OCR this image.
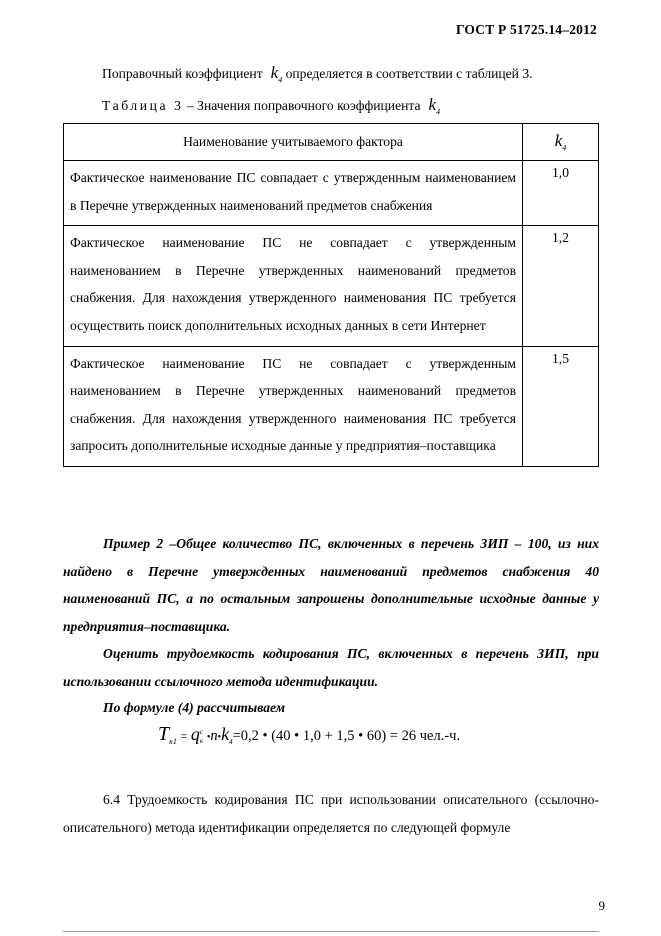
ГОСТ Р 51725.14–2012
Поправочный коэффициент $k_4$ определяется в соответствии с таблицей 3.
Таблица 3 – Значения поправочного коэффициента $k_4$
Наименование учитываемого фактора	$k_4$
Фактическое наименование ПС совпадает с утвержденным наименованием в Перечне утвержденных наименований предметов снабжения	1,0
Фактическое наименование ПС не совпадает с утвержденным наименованием в Перечне утвержденных наименований предметов снабжения. Для нахождения утвержденного наименования ПС требуется осуществить поиск дополнительных исходных данных в сети Интернет	1,2
Фактическое наименование ПС не совпадает с утвержденным наименованием в Перечне утвержденных наименований предметов снабжения. Для нахождения утвержденного наименования ПС требуется запросить дополнительные исходные данные у предприятия–поставщика	1,5
Пример 2 –Общее количество ПС, включенных в перечень ЗИП – 100, из них найдено в Перечне утвержденных наименований предметов снабжения 40 наименований ПС, а по остальным запрошены дополнительные исходные данные у предприятия–поставщика.
Оценить трудоемкость кодирования ПС, включенных в перечень ЗИП, при использовании ссылочного метода идентификации.
По формуле (4) рассчитываем
$T_{к1} = q$ c
к $•n•k_4=0,2$ • (40 • 1,0 + 1,5 • 60) = 26 чел.-ч.
6.4 Трудоемкость кодирования ПС при использовании описательного (ссылочно-описательного) метода идентификации определяется по следующей формуле
9
